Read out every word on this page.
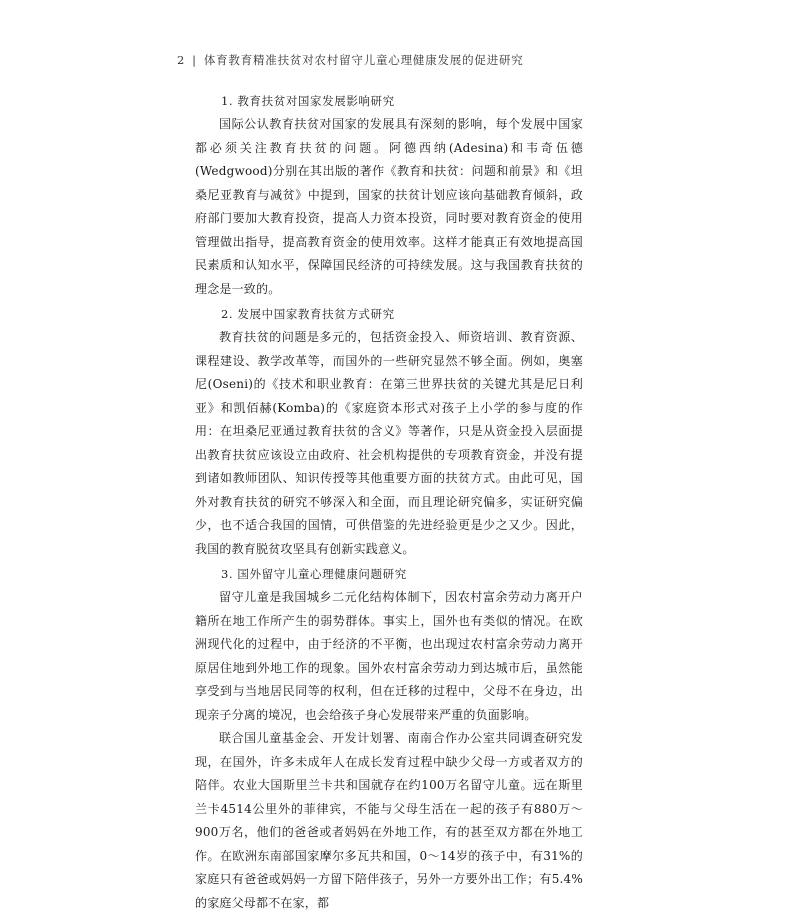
2 | 体育教育精准扶贫对农村留守儿童心理健康发展的促进研究
1. 教育扶贫对国家发展影响研究

国际公认教育扶贫对国家的发展具有深刻的影响，每个发展中国家都必须关注教育扶贫的问题。阿德西纳(Adesina)和韦奇伍德(Wedgwood)分别在其出版的著作《教育和扶贫：问题和前景》和《坦桑尼亚教育与减贫》中提到，国家的扶贫计划应该向基础教育倾斜，政府部门要加大教育投资，提高人力资本投资，同时要对教育资金的使用管理做出指导，提高教育资金的使用效率。这样才能真正有效地提高国民素质和认知水平，保障国民经济的可持续发展。这与我国教育扶贫的理念是一致的。

2. 发展中国家教育扶贫方式研究

教育扶贫的问题是多元的，包括资金投入、师资培训、教育资源、课程建设、教学改革等，而国外的一些研究显然不够全面。例如，奥塞尼(Oseni)的《技术和职业教育：在第三世界扶贫的关键尤其是尼日利亚》和凯佰赫(Komba)的《家庭资本形式对孩子上小学的参与度的作用：在坦桑尼亚通过教育扶贫的含义》等著作，只是从资金投入层面提出教育扶贫应该设立由政府、社会机构提供的专项教育资金，并没有提到诸如教师团队、知识传授等其他重要方面的扶贫方式。由此可见，国外对教育扶贫的研究不够深入和全面，而且理论研究偏多，实证研究偏少，也不适合我国的国情，可供借鉴的先进经验更是少之又少。因此，我国的教育脱贫攻坚具有创新实践意义。

3. 国外留守儿童心理健康问题研究

留守儿童是我国城乡二元化结构体制下，因农村富余劳动力离开户籍所在地工作所产生的弱势群体。事实上，国外也有类似的情况。在欧洲现代化的过程中，由于经济的不平衡，也出现过农村富余劳动力离开原居住地到外地工作的现象。国外农村富余劳动力到达城市后，虽然能享受到与当地居民同等的权利，但在迁移的过程中，父母不在身边，出现亲子分离的境况，也会给孩子身心发展带来严重的负面影响。

联合国儿童基金会、开发计划署、南南合作办公室共同调查研究发现，在国外，许多未成年人在成长发育过程中缺少父母一方或者双方的陪伴。农业大国斯里兰卡共和国就存在约100万名留守儿童。远在斯里兰卡4514公里外的菲律宾，不能与父母生活在一起的孩子有880万～900万名，他们的爸爸或者妈妈在外地工作，有的甚至双方都在外地工作。在欧洲东南部国家摩尔多瓦共和国，0～14岁的孩子中，有31%的家庭只有爸爸或妈妈一方留下陪伴孩子，另外一方要外出工作；有5.4%的家庭父母都不在家，都
